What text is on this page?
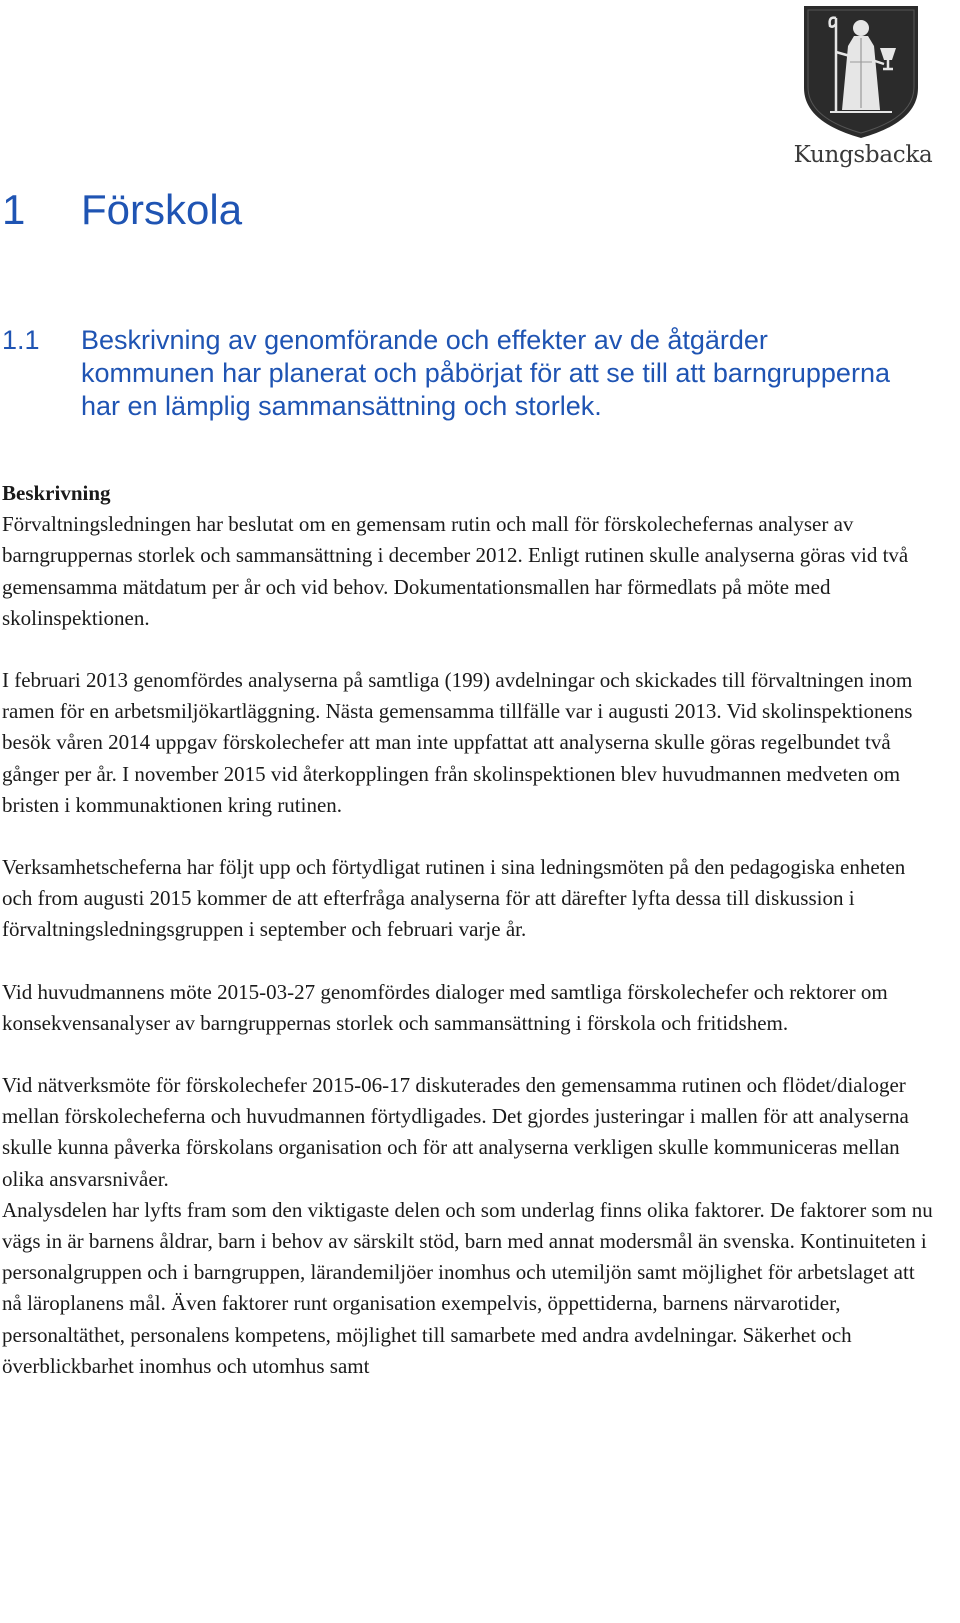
Kungsbacka
1 Förskola
1.1 Beskrivning av genomförande och effekter av de åtgärder kommunen har planerat och påbörjat för att se till att barngrupperna har en lämplig sammansättning och storlek.

Beskrivning
Förvaltningsledningen har beslutat om en gemensam rutin och mall för förskolechefernas analyser av barngruppernas storlek och sammansättning i december 2012. Enligt rutinen skulle analyserna göras vid två gemensamma mätdatum per år och vid behov. Dokumentationsmallen har förmedlats på möte med skolinspektionen.

I februari 2013 genomfördes analyserna på samtliga (199) avdelningar och skickades till förvaltningen inom ramen för en arbetsmiljökartläggning. Nästa gemensamma tillfälle var i augusti 2013. Vid skolinspektionens besök våren 2014 uppgav förskolechefer att man inte uppfattat att analyserna skulle göras regelbundet två gånger per år. I november 2015 vid återkopplingen från skolinspektionen blev huvudmannen medveten om bristen i kommunaktionen kring rutinen.

Verksamhetscheferna har följt upp och förtydligat rutinen i sina ledningsmöten på den pedagogiska enheten och from augusti 2015 kommer de att efterfråga analyserna för att därefter lyfta dessa till diskussion i förvaltningsledningsgruppen i september och februari varje år.

Vid huvudmannens möte 2015-03-27 genomfördes dialoger med samtliga förskolechefer och rektorer om konsekvensanalyser av barngruppernas storlek och sammansättning i förskola och fritidshem.

Vid nätverksmöte för förskolechefer 2015-06-17 diskuterades den gemensamma rutinen och flödet/dialoger mellan förskolecheferna och huvudmannen förtydligades. Det gjordes justeringar i mallen för att analyserna skulle kunna påverka förskolans organisation och för att analyserna verkligen skulle kommuniceras mellan olika ansvarsnivåer.

Analysdelen har lyfts fram som den viktigaste delen och som underlag finns olika faktorer. De faktorer som nu vägs in är barnens åldrar, barn i behov av särskilt stöd, barn med annat modersmål än svenska. Kontinuiteten i personalgruppen och i barngruppen, lärandemiljöer inomhus och utemiljön samt möjlighet för arbetslaget att nå läroplanens mål. Även faktorer runt organisation exempelvis, öppettiderna, barnens närvarotider, personaltäthet, personalens kompetens, möjlighet till samarbete med andra avdelningar. Säkerhet och överblickbarhet inomhus och utomhus samt
